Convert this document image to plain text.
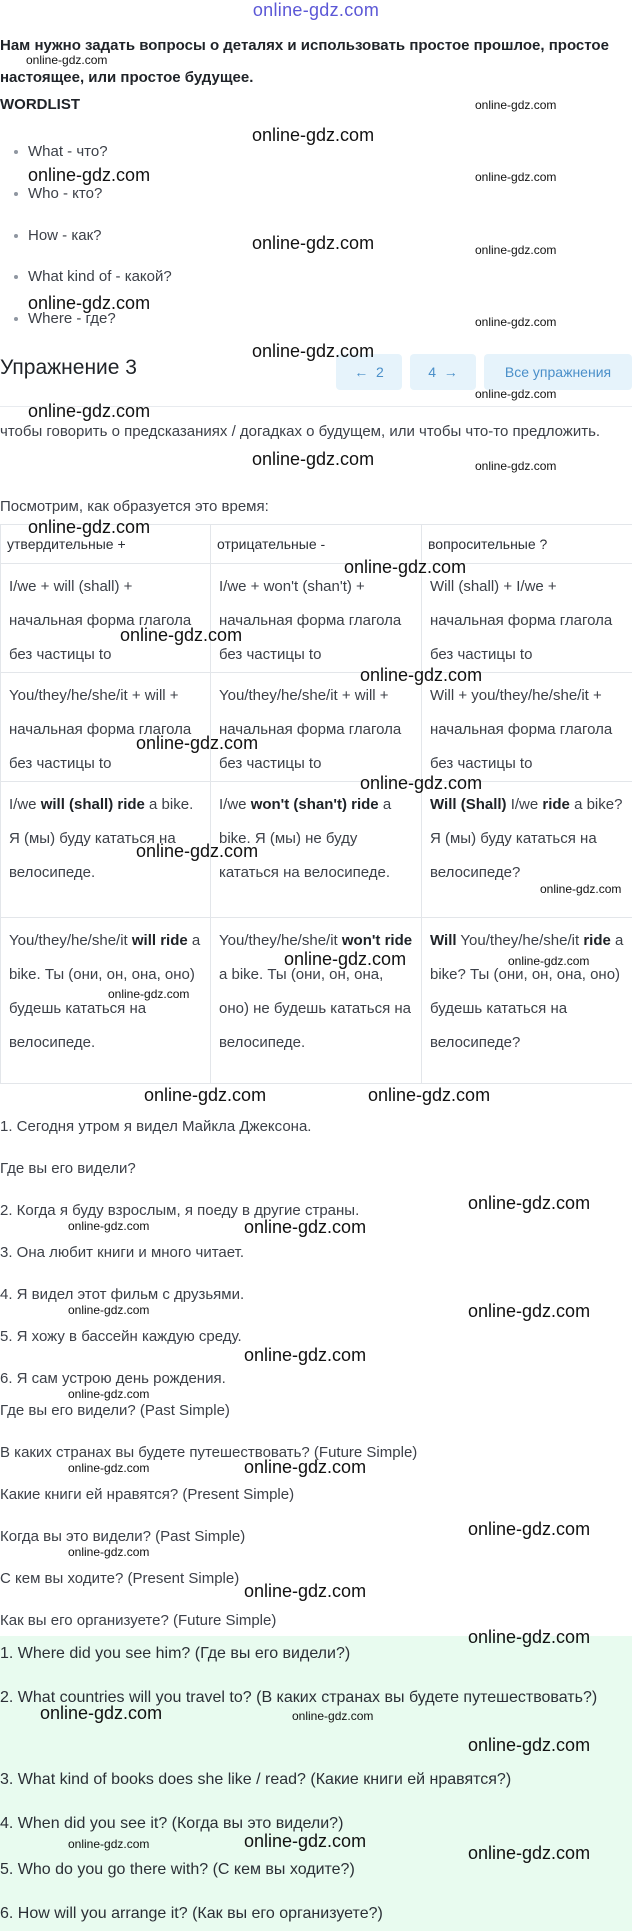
online-gdz.com
Нам нужно задать вопросы о деталях и использовать простое прошлое, простое настоящее, или простое будущее.
WORDLIST
What - что?
Who - кто?
How - как?
What kind of - какой?
Where - где?
Упражнение 3	← 2	4 →	Все упражнения
чтобы говорить о предсказаниях / догадках о будущем, или чтобы что-то предложить.
Посмотрим, как образуется это время:
утвердительные +	отрицательные -	вопросительные ?
I/we + will (shall) + начальная форма глагола без частицы to	I/we + won't (shan't) + начальная форма глагола без частицы to	Will (shall) + I/we + начальная форма глагола без частицы to
You/they/he/she/it + will + начальная форма глагола без частицы to	You/they/he/she/it + will + начальная форма глагола без частицы to	Will + you/they/he/she/it + начальная форма глагола без частицы to
I/we will (shall) ride a bike. Я (мы) буду кататься на велосипеде.	I/we won't (shan't) ride a bike. Я (мы) не буду кататься на велосипеде.	Will (Shall) I/we ride a bike? Я (мы) буду кататься на велосипеде?
You/they/he/she/it will ride a bike. Ты (они, он, она, оно) будешь кататься на велосипеде.	You/they/he/she/it won't ride a bike. Ты (они, он, она, оно) не будешь кататься на велосипеде.	Will You/they/he/she/it ride a bike? Ты (они, он, она, оно) будешь кататься на велосипеде?
1. Сегодня утром я видел Майкла Джексона.
Где вы его видели?
2. Когда я буду взрослым, я поеду в другие страны.
3. Она любит книги и много читает.
4. Я видел этот фильм с друзьями.
5. Я хожу в бассейн каждую среду.
6. Я сам устрою день рождения.
Где вы его видели? (Past Simple)
В каких странах вы будете путешествовать? (Future Simple)
Какие книги ей нравятся? (Present Simple)
Когда вы это видели? (Past Simple)
С кем вы ходите? (Present Simple)
Как вы его организуете? (Future Simple)
1. Where did you see him? (Где вы его видели?)
2. What countries will you travel to? (В каких странах вы будете путешествовать?)
3. What kind of books does she like / read? (Какие книги ей нравятся?)
4. When did you see it? (Когда вы это видели?)
5. Who do you go there with? (С кем вы ходите?)
6. How will you arrange it? (Как вы его организуете?)
online-gdz.com
online-gdz.com
online-gdz.com
online-gdz.com	online-gdz.com
online-gdz.com	online-gdz.com
online-gdz.com
online-gdz.com
online-gdz.com
online-gdz.com
online-gdz.com
online-gdz.com	online-gdz.com
online-gdz.com
online-gdz.com
online-gdz.com
online-gdz.com
online-gdz.com
online-gdz.com
online-gdz.com
online-gdz.com
online-gdz.com	online-gdz.com
online-gdz.com
online-gdz.com	online-gdz.com
online-gdz.com
online-gdz.com	online-gdz.com
online-gdz.com	online-gdz.com
online-gdz.com
online-gdz.com
online-gdz.com	online-gdz.com
online-gdz.com
online-gdz.com
online-gdz.com
online-gdz.com
online-gdz.com	online-gdz.com
online-gdz.com
online-gdz.com	online-gdz.com
online-gdz.com
